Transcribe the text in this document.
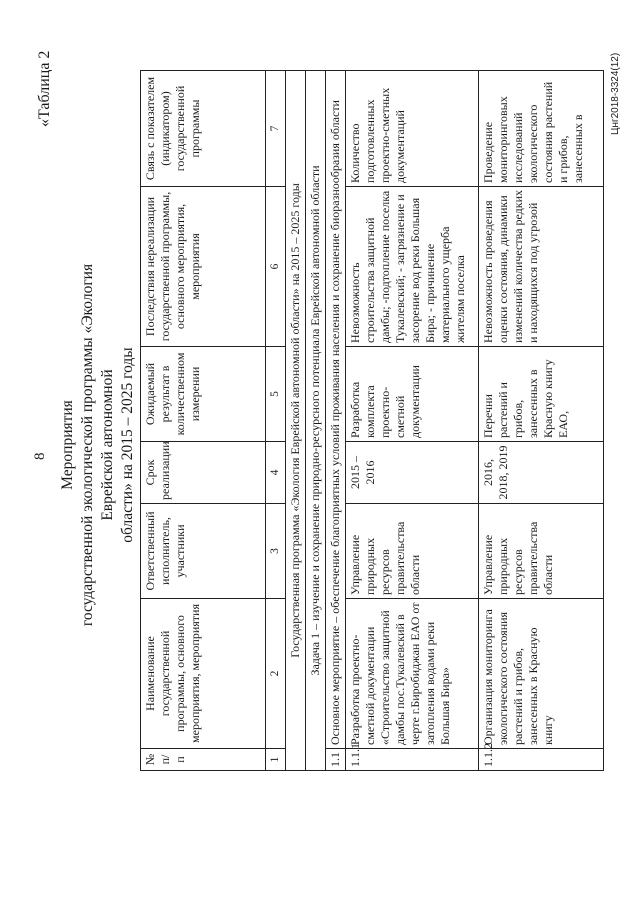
8
«Таблица 2
Мероприятия государственной экологической программы «Экология Еврейской автономной области» на 2015 – 2025 годы
№ п/п	Наименование государственной программы, основного мероприятия, мероприятия	Ответственный исполнитель, участники	Срок реализации	Ожидаемый результат в количественном измерении	Последствия нереализации государственной программы, основного мероприятия, мероприятия	Связь с показателем (индикатором) государственной программы
1	2	3	4	5	6	7
Государственная программа «Экология Еврейской автономной области» на 2015 – 2025 годы						
Задача 1 – изучение и сохранение природно-ресурсного потенциала Еврейской автономной области						
1.1	Основное мероприятие – обеспечение благоприятных условий проживания населения и сохранение биоразнообразия области					
1.1.1	Разработка проектно-сметной документации «Строительство защитной дамбы пос.Тукалевский в черте г.Биробиджан ЕАО от затопления водами реки Большая Бира»	Управление природных ресурсов правительства области	2015 – 2016	Разработка комплекта проектно-сметной документации	Невозможность строительства защитной дамбы; -подтопление поселка Тукалевский; - загрязнение и засорение вод реки Большая Бира; - причинение материального ущерба жителям поселка	Количество подготовленных проектно-сметных документаций
1.1.2	Организация мониторинга экологического состояния растений и грибов, занесенных в Красную книгу	Управление природных ресурсов правительства области	2016, 2018, 2019	Перечни растений и грибов, занесенных в Красную книгу ЕАО,	Невозможность проведения оценки состояния, динамики изменений количества редких и находящихся под угрозой	Проведение мониторинговых исследований экологического состояния растений и грибов, занесенных в
Цнг2018-3324(12)
